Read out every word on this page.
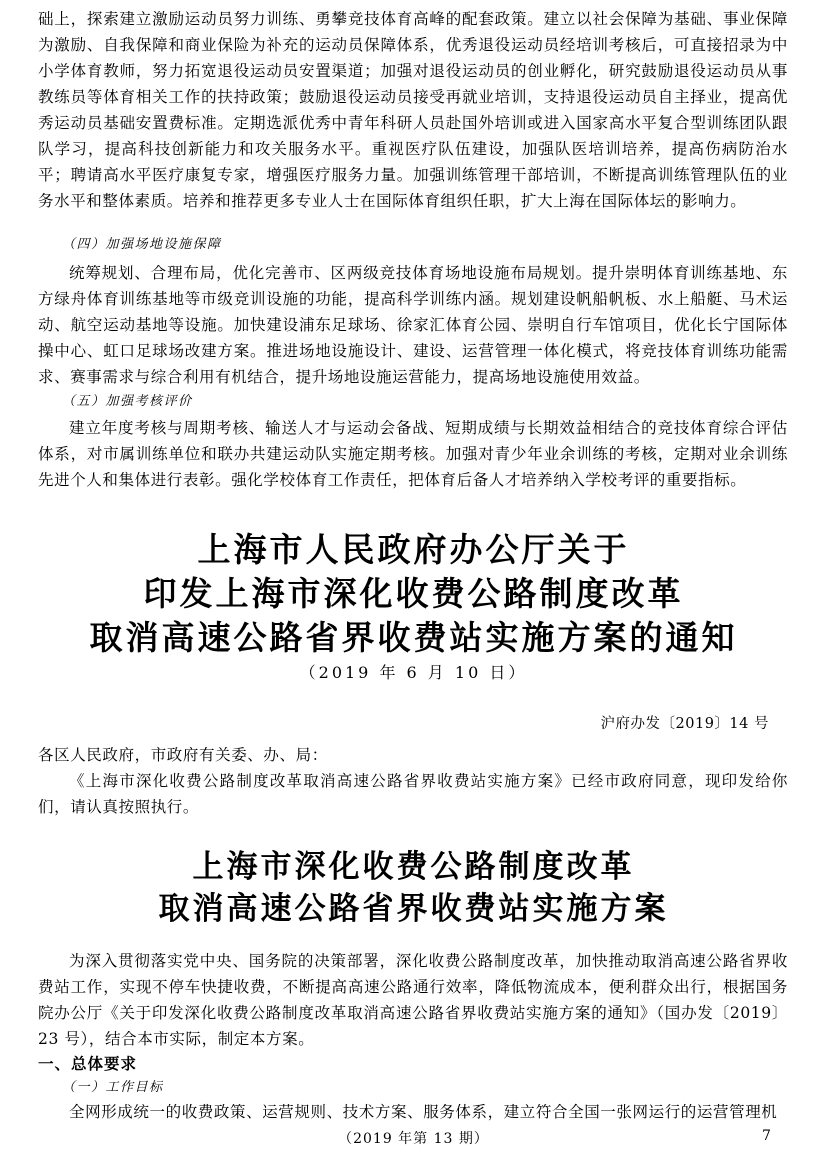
础上，探索建立激励运动员努力训练、勇攀竞技体育高峰的配套政策。建立以社会保障为基础、事业保障为激励、自我保障和商业保险为补充的运动员保障体系，优秀退役运动员经培训考核后，可直接招录为中小学体育教师，努力拓宽退役运动员安置渠道；加强对退役运动员的创业孵化，研究鼓励退役运动员从事教练员等体育相关工作的扶持政策；鼓励退役运动员接受再就业培训，支持退役运动员自主择业，提高优秀运动员基础安置费标准。定期选派优秀中青年科研人员赴国外培训或进入国家高水平复合型训练团队跟队学习，提高科技创新能力和攻关服务水平。重视医疗队伍建设，加强队医培训培养，提高伤病防治水平；聘请高水平医疗康复专家，增强医疗服务力量。加强训练管理干部培训，不断提高训练管理队伍的业务水平和整体素质。培养和推荐更多专业人士在国际体育组织任职，扩大上海在国际体坛的影响力。

（四）加强场地设施保障

统筹规划、合理布局，优化完善市、区两级竞技体育场地设施布局规划。提升崇明体育训练基地、东方绿舟体育训练基地等市级竞训设施的功能，提高科学训练内涵。规划建设帆船帆板、水上船艇、马术运动、航空运动基地等设施。加快建设浦东足球场、徐家汇体育公园、崇明自行车馆项目，优化长宁国际体操中心、虹口足球场改建方案。推进场地设施设计、建设、运营管理一体化模式，将竞技体育训练功能需求、赛事需求与综合利用有机结合，提升场地设施运营能力，提高场地设施使用效益。

（五）加强考核评价

建立年度考核与周期考核、输送人才与运动会备战、短期成绩与长期效益相结合的竞技体育综合评估体系，对市属训练单位和联办共建运动队实施定期考核。加强对青少年业余训练的考核，定期对业余训练先进个人和集体进行表彰。强化学校体育工作责任，把体育后备人才培养纳入学校考评的重要指标。

上海市人民政府办公厅关于

印发上海市深化收费公路制度改革

取消高速公路省界收费站实施方案的通知

（2019 年 6 月 10 日）

沪府办发〔2019〕14 号

各区人民政府，市政府有关委、办、局：

《上海市深化收费公路制度改革取消高速公路省界收费站实施方案》已经市政府同意，现印发给你们，请认真按照执行。

上海市深化收费公路制度改革

取消高速公路省界收费站实施方案

为深入贯彻落实党中央、国务院的决策部署，深化收费公路制度改革，加快推动取消高速公路省界收费站工作，实现不停车快捷收费，不断提高高速公路通行效率，降低物流成本，便利群众出行，根据国务院办公厅《关于印发深化收费公路制度改革取消高速公路省界收费站实施方案的通知》（国办发〔2019〕23 号），结合本市实际，制定本方案。

一、总体要求

（一）工作目标

全网形成统一的收费政策、运营规则、技术方案、服务体系，建立符合全国一张网运行的运营管理机

（2019 年第 13 期）	7
